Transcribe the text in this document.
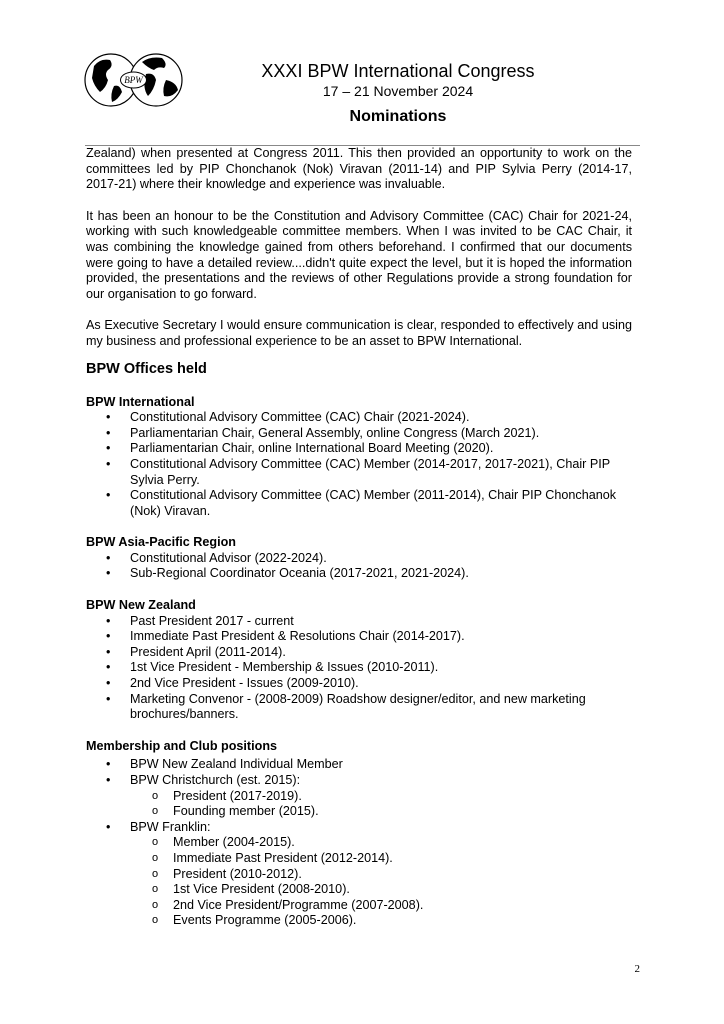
BPW	XXXI BPW International Congress
17 – 21 November 2024
Nominations

Zealand) when presented at Congress 2011. This then provided an opportunity to work on the committees led by PIP Chonchanok (Nok) Viravan (2011-14) and PIP Sylvia Perry (2014-17, 2017-21) where their knowledge and experience was invaluable.

It has been an honour to be the Constitution and Advisory Committee (CAC) Chair for 2021-24, working with such knowledgeable committee members. When I was invited to be CAC Chair, it was combining the knowledge gained from others beforehand. I confirmed that our documents were going to have a detailed review....didn't quite expect the level, but it is hoped the information provided, the presentations and the reviews of other Regulations provide a strong foundation for our organisation to go forward.

As Executive Secretary I would ensure communication is clear, responded to effectively and using my business and professional experience to be an asset to BPW International.

BPW Offices held
BPW International
• Constitutional Advisory Committee (CAC) Chair (2021-2024).
• Parliamentarian Chair, General Assembly, online Congress (March 2021).
• Parliamentarian Chair, online International Board Meeting (2020).
• Constitutional Advisory Committee (CAC) Member (2014-2017, 2017-2021), Chair PIP Sylvia Perry.
• Constitutional Advisory Committee (CAC) Member (2011-2014), Chair PIP Chonchanok (Nok) Viravan.
BPW Asia-Pacific Region
• Constitutional Advisor (2022-2024).
• Sub-Regional Coordinator Oceania (2017-2021, 2021-2024).
BPW New Zealand
• Past President 2017 - current
• Immediate Past President & Resolutions Chair (2014-2017).
• President April (2011-2014).
• 1st Vice President - Membership & Issues (2010-2011).
• 2nd Vice President - Issues (2009-2010).
• Marketing Convenor - (2008-2009) Roadshow designer/editor, and new marketing brochures/banners.
Membership and Club positions
• BPW New Zealand Individual Member
• BPW Christchurch (est. 2015):
o President (2017-2019).
o Founding member (2015).
• BPW Franklin:
o Member (2004-2015).
o Immediate Past President (2012-2014).
o President (2010-2012).
o 1st Vice President (2008-2010).
o 2nd Vice President/Programme (2007-2008).
o Events Programme (2005-2006).
2
